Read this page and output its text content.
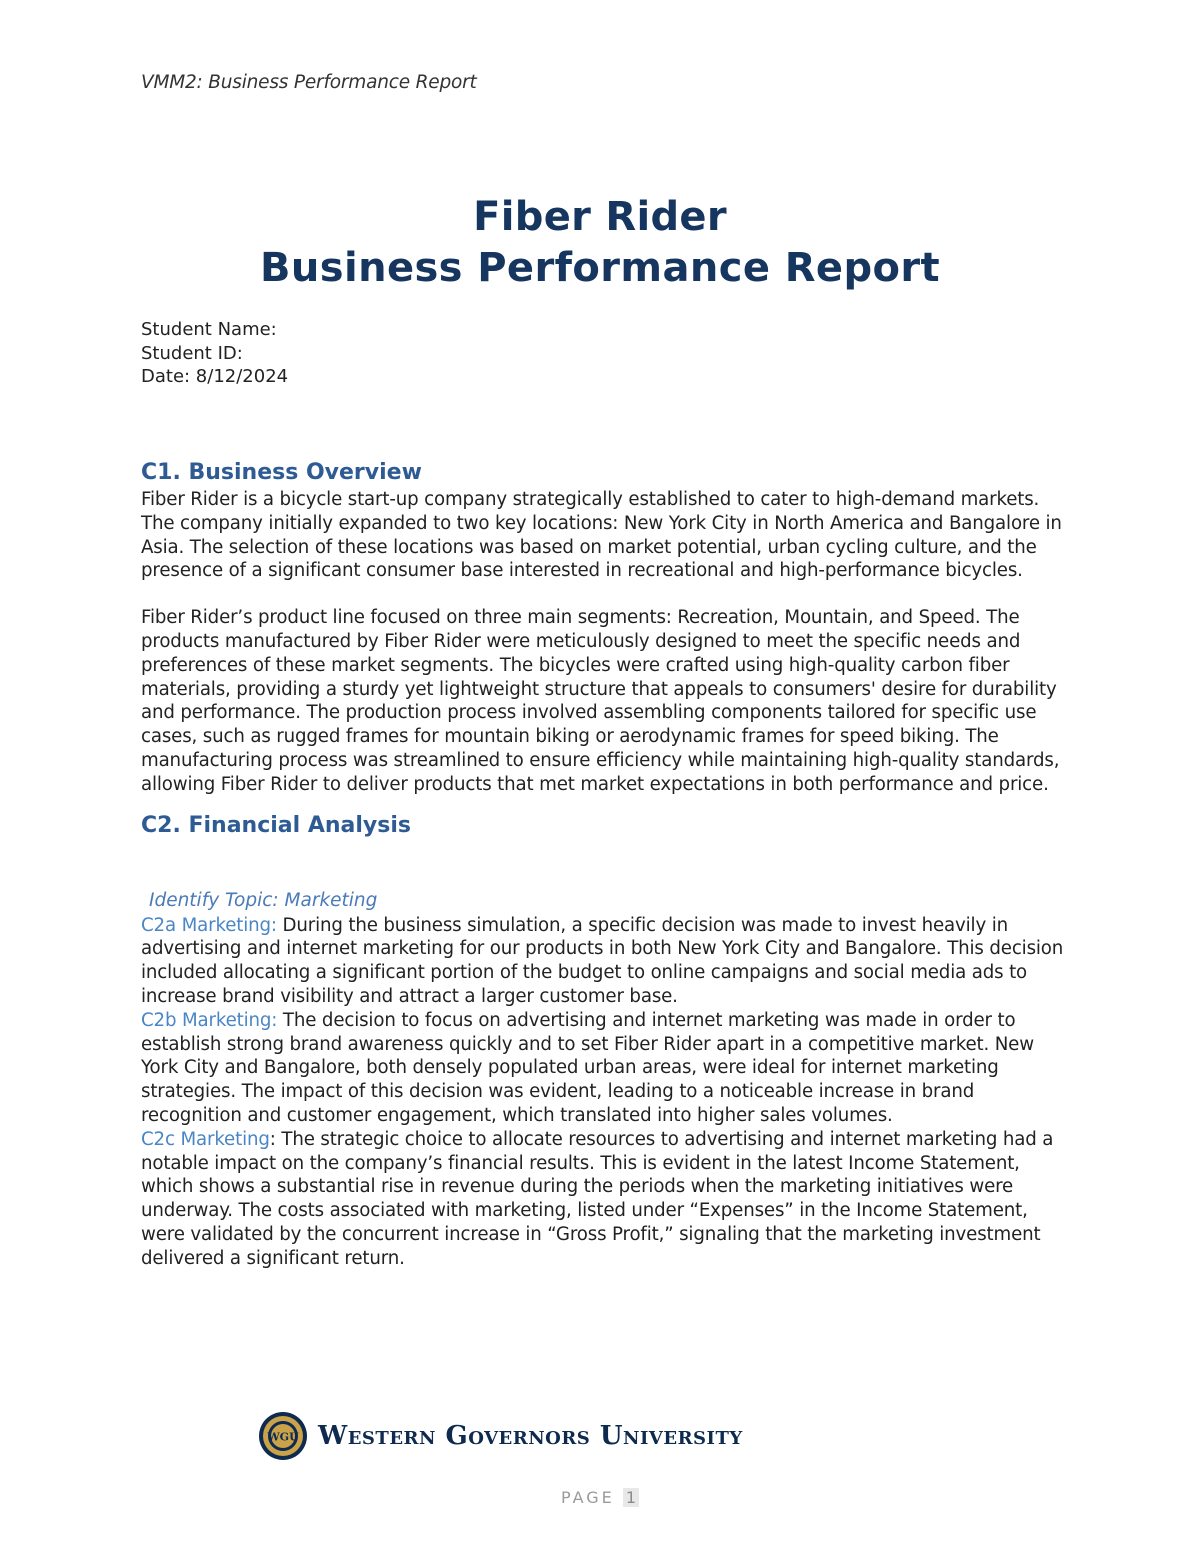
VMM2: Business Performance Report
Fiber Rider
Business Performance Report
Student Name:
Student ID:
Date: 8/12/2024
C1. Business Overview

Fiber Rider is a bicycle start-up company strategically established to cater to high-demand markets. The company initially expanded to two key locations: New York City in North America and Bangalore in Asia. The selection of these locations was based on market potential, urban cycling culture, and the presence of a significant consumer base interested in recreational and high-performance bicycles.

Fiber Rider’s product line focused on three main segments: Recreation, Mountain, and Speed. The products manufactured by Fiber Rider were meticulously designed to meet the specific needs and preferences of these market segments. The bicycles were crafted using high-quality carbon fiber materials, providing a sturdy yet lightweight structure that appeals to consumers' desire for durability and performance. The production process involved assembling components tailored for specific use cases, such as rugged frames for mountain biking or aerodynamic frames for speed biking. The manufacturing process was streamlined to ensure efficiency while maintaining high-quality standards, allowing Fiber Rider to deliver products that met market expectations in both performance and price.

C2. Financial Analysis

Identify Topic: Marketing

C2a Marketing: During the business simulation, a specific decision was made to invest heavily in advertising and internet marketing for our products in both New York City and Bangalore. This decision included allocating a significant portion of the budget to online campaigns and social media ads to increase brand visibility and attract a larger customer base.

C2b Marketing: The decision to focus on advertising and internet marketing was made in order to establish strong brand awareness quickly and to set Fiber Rider apart in a competitive market. New York City and Bangalore, both densely populated urban areas, were ideal for internet marketing strategies. The impact of this decision was evident, leading to a noticeable increase in brand recognition and customer engagement, which translated into higher sales volumes.

C2c Marketing: The strategic choice to allocate resources to advertising and internet marketing had a notable impact on the company’s financial results. This is evident in the latest Income Statement, which shows a substantial rise in revenue during the periods when the marketing initiatives were underway. The costs associated with marketing, listed under “Expenses” in the Income Statement, were validated by the concurrent increase in “Gross Profit,” signaling that the marketing investment delivered a significant return.

WGU Western Governors University
PAGE 1
